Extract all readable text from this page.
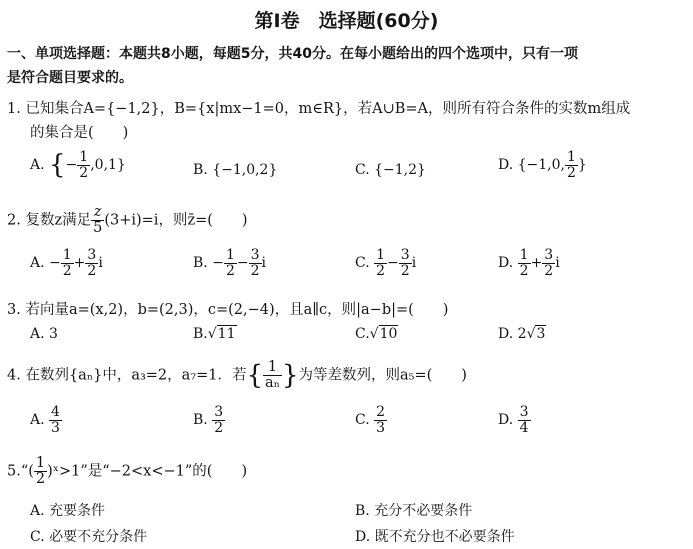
第Ⅰ卷　选择题(60分)
一、单项选择题：本题共8小题，每题5分，共40分。在每小题给出的四个选项中，只有一项
是符合题目要求的。
1. 已知集合A={−1,2}，B={x|mx−1=0，m∈R}，若A∪B=A，则所有符合条件的实数m组成
的集合是(　　)
A. {− $\frac{1}{2} ,0,1$}	B. {−1,0,2}	C. {−1,2}	D. {−1,0, $\frac{1}{2}$ }
2. 复数z满足 $\frac{z}{5} (3+i)=i$，则z̄=(　　)
A. − $\frac{1}{2} + \frac{3}{2}$ i	B. − $\frac{1}{2} - \frac{3}{2}$ i	C. $\frac{1}{2} - \frac{3}{2}$ i	D. $\frac{1}{2} + \frac{3}{2}$ i
3. 若向量a=(x,2)，b=(2,3)，c=(2,−4)，且a∥c，则|a−b|=(　　)
A. 3	B.√11	C.√10	D. 2√3
4. 在数列{aₙ}中，a₃=2，a₇=1．若{ $\frac{1}{\text{aₙ}}$ }为等差数列，则a₅=(　　)
A. $\frac{4}{3}$	B. $\frac{3}{2}$	C. $\frac{2}{3}$	D. $\frac{3}{4}$
5.“( $\frac{1}{2}$ )ˣ>1”是“−2<x<−1”的(　　)
A. 充要条件	B. 充分不必要条件
C. 必要不充分条件	D. 既不充分也不必要条件
